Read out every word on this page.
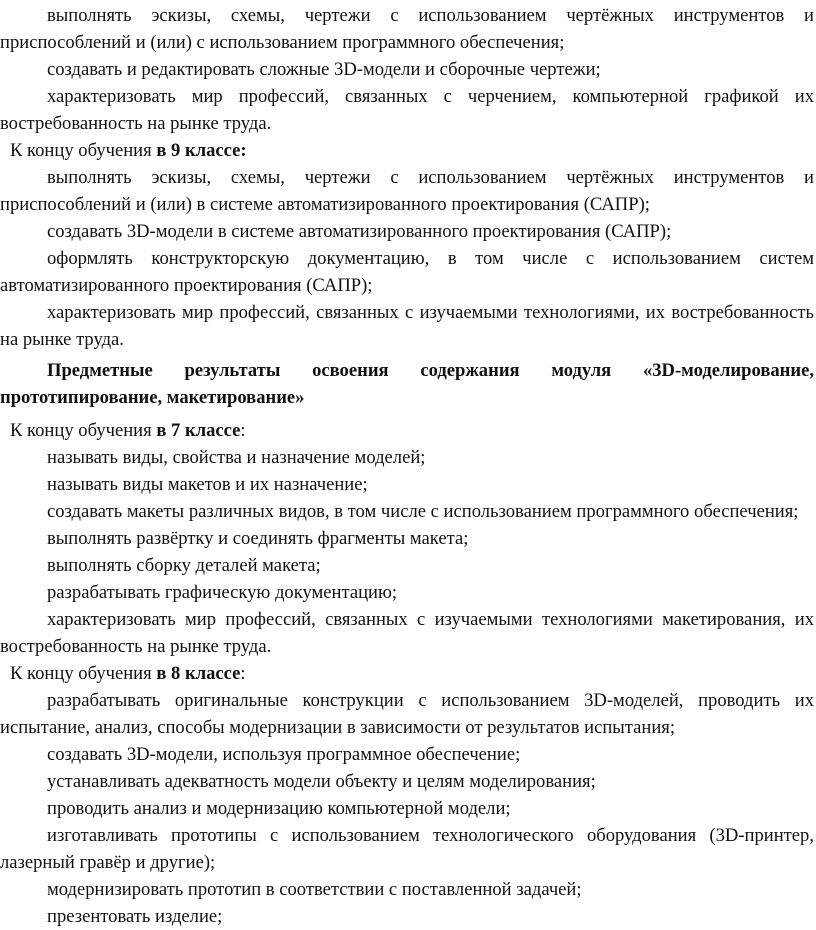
выполнять эскизы, схемы, чертежи с использованием чертёжных инструментов и приспособлений и (или) с использованием программного обеспечения;

создавать и редактировать сложные 3D-модели и сборочные чертежи;

характеризовать мир профессий, связанных с черчением, компьютерной графикой их востребованность на рынке труда.

К концу обучения в 9 классе:

выполнять эскизы, схемы, чертежи с использованием чертёжных инструментов и приспособлений и (или) в системе автоматизированного проектирования (САПР);

создавать 3D-модели в системе автоматизированного проектирования (САПР);

оформлять конструкторскую документацию, в том числе с использованием систем автоматизированного проектирования (САПР);

характеризовать мир профессий, связанных с изучаемыми технологиями, их востребованность на рынке труда.

Предметные результаты освоения содержания модуля «3D-моделирование, прототипирование, макетирование»

К концу обучения в 7 классе:

называть виды, свойства и назначение моделей;

называть виды макетов и их назначение;

создавать макеты различных видов, в том числе с использованием программного обеспечения;

выполнять развёртку и соединять фрагменты макета;

выполнять сборку деталей макета;

разрабатывать графическую документацию;

характеризовать мир профессий, связанных с изучаемыми технологиями макетирования, их востребованность на рынке труда.

К концу обучения в 8 классе:

разрабатывать оригинальные конструкции с использованием 3D-моделей, проводить их испытание, анализ, способы модернизации в зависимости от результатов испытания;

создавать 3D-модели, используя программное обеспечение;

устанавливать адекватность модели объекту и целям моделирования;

проводить анализ и модернизацию компьютерной модели;

изготавливать прототипы с использованием технологического оборудования (3D-принтер, лазерный гравёр и другие);

модернизировать прототип в соответствии с поставленной задачей;

презентовать изделие;
